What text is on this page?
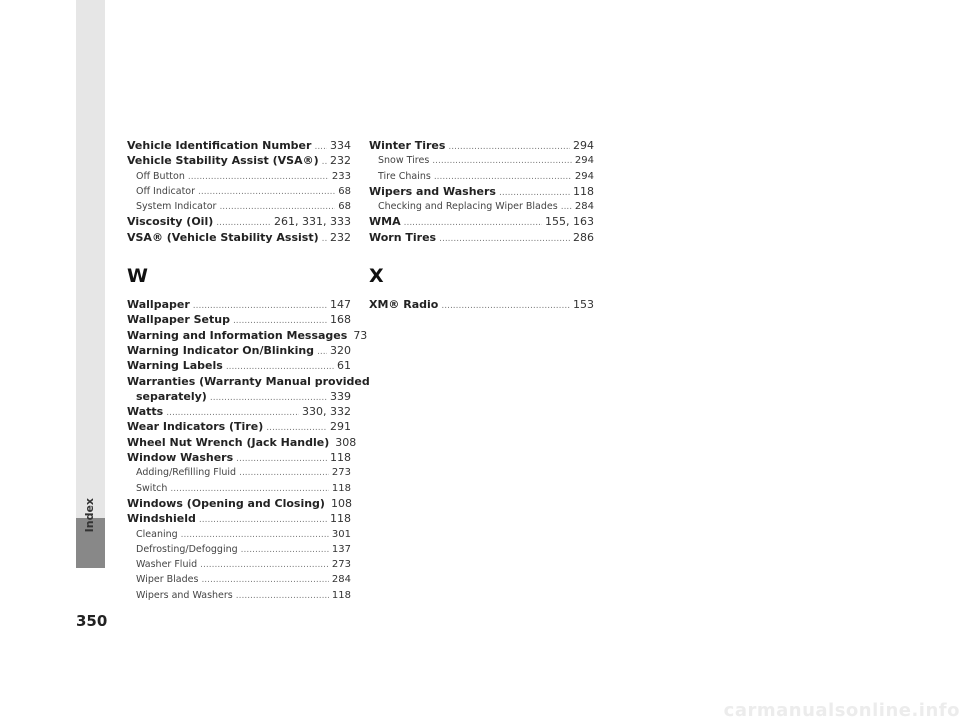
Index
350
Vehicle Identification Number ..... 334
Vehicle Stability Assist (VSA®) ..... 232
Off Button .....	233
Off Indicator .....	68
System Indicator .....	68
Viscosity (Oil) .....	261, 331, 333
VSA® (Vehicle Stability Assist) ..... 232
W
Wallpaper .....	147
Wallpaper Setup .....	168
Warning and Information Messages 73
Warning Indicator On/Blinking ..... 320
Warning Labels .....	61
Warranties (Warranty Manual provided
separately) .....	339
Watts .....	330, 332
Wear Indicators (Tire) .....	291
Wheel Nut Wrench (Jack Handle) 308
Window Washers .....	118
Adding/Refilling Fluid .....	273
Switch .....	118
Windows (Opening and Closing) 108
Windshield .....	118
Cleaning .....	301
Defrosting/Defogging .....	137
Washer Fluid .....	273
Wiper Blades .....	284
Wipers and Washers .....	118
Winter Tires .....	294
Snow Tires .....	294
Tire Chains .....	294
Wipers and Washers .....	118
Checking and Replacing Wiper Blades ..... 284
WMA .....	155, 163
Worn Tires .....	286
X
XM® Radio .....	153
carmanualsonline.info
